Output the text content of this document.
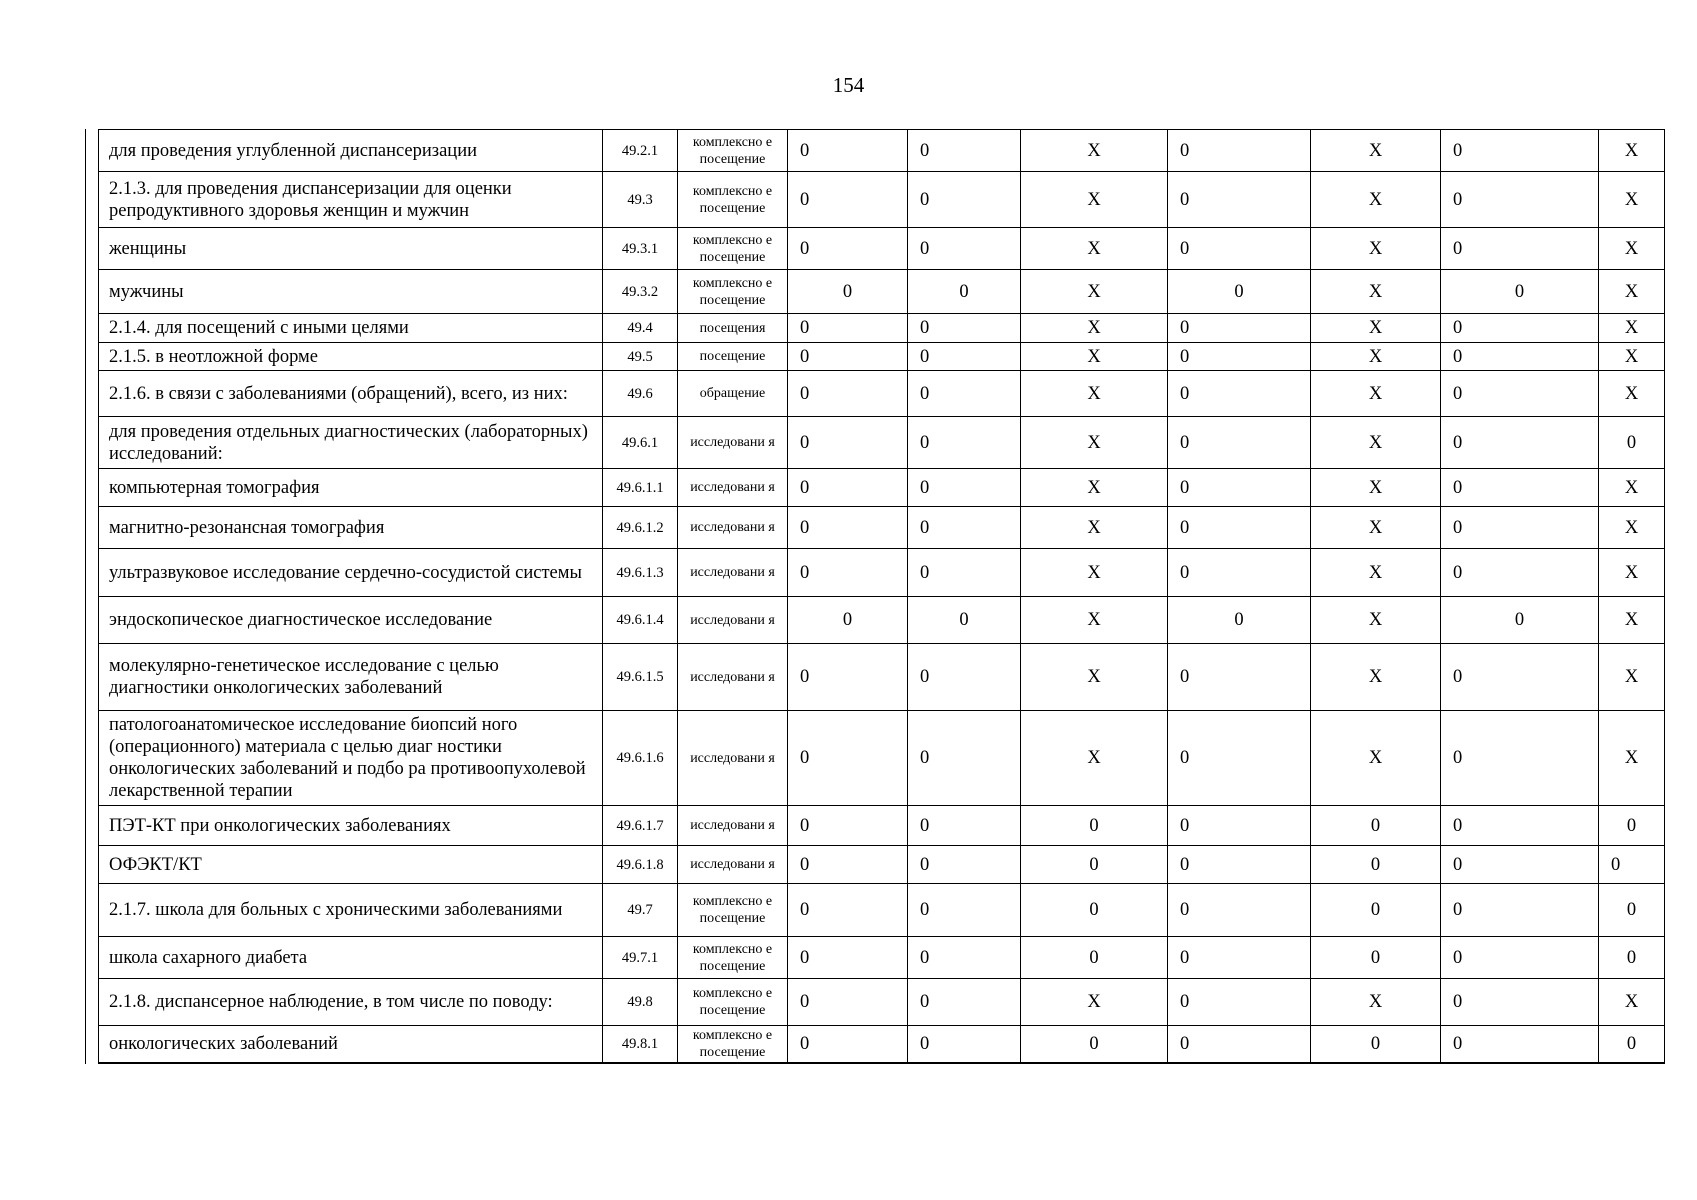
154
для проведения углубленной диспансеризации	49.2.1	комплексно е посещение	0	0	X	0	X	0	X
2.1.3. для проведения диспансеризации для оценки репродуктивного здоровья женщин и мужчин	49.3	комплексно е посещение	0	0	X	0	X	0	X
женщины	49.3.1	комплексно е посещение	0	0	X	0	X	0	X
мужчины	49.3.2	комплексно е посещение	0	0	X	0	X	0	X
2.1.4. для посещений с иными целями	49.4	посещения	0	0	X	0	X	0	X
2.1.5. в неотложной форме	49.5	посещение	0	0	X	0	X	0	X
2.1.6. в связи с заболеваниями (обращений), всего, из них:	49.6	обращение	0	0	X	0	X	0	X
для проведения отдельных диагностических (лабораторных) исследований:	49.6.1	исследовани я	0	0	X	0	X	0	0
компьютерная томография	49.6.1.1	исследовани я	0	0	X	0	X	0	X
магнитно-резонансная томография	49.6.1.2	исследовани я	0	0	X	0	X	0	X
ультразвуковое исследование сердечно-сосудистой системы	49.6.1.3	исследовани я	0	0	X	0	X	0	X
эндоскопическое диагностическое исследование	49.6.1.4	исследовани я	0	0	X	0	X	0	X
молекулярно-генетическое исследование с целью диагностики онкологических заболеваний	49.6.1.5	исследовани я	0	0	X	0	X	0	X
патологоанатомическое исследование биопсий ного (операционного) материала с целью диаг ностики онкологических заболеваний и подбо ра противоопухолевой лекарственной терапии	49.6.1.6	исследовани я	0	0	X	0	X	0	X
ПЭТ-КТ при онкологических заболеваниях	49.6.1.7	исследовани я	0	0	0	0	0	0	0
ОФЭКТ/КТ	49.6.1.8	исследовани я	0	0	0	0	0	0	0
2.1.7. школа для больных с хроническими заболеваниями	49.7	комплексно е посещение	0	0	0	0	0	0	0
школа сахарного диабета	49.7.1	комплексно е посещение	0	0	0	0	0	0	0
2.1.8. диспансерное наблюдение, в том числе по поводу:	49.8	комплексно е посещение	0	0	X	0	X	0	X
онкологических заболеваний	49.8.1	комплексно е посещение	0	0	0	0	0	0	0
